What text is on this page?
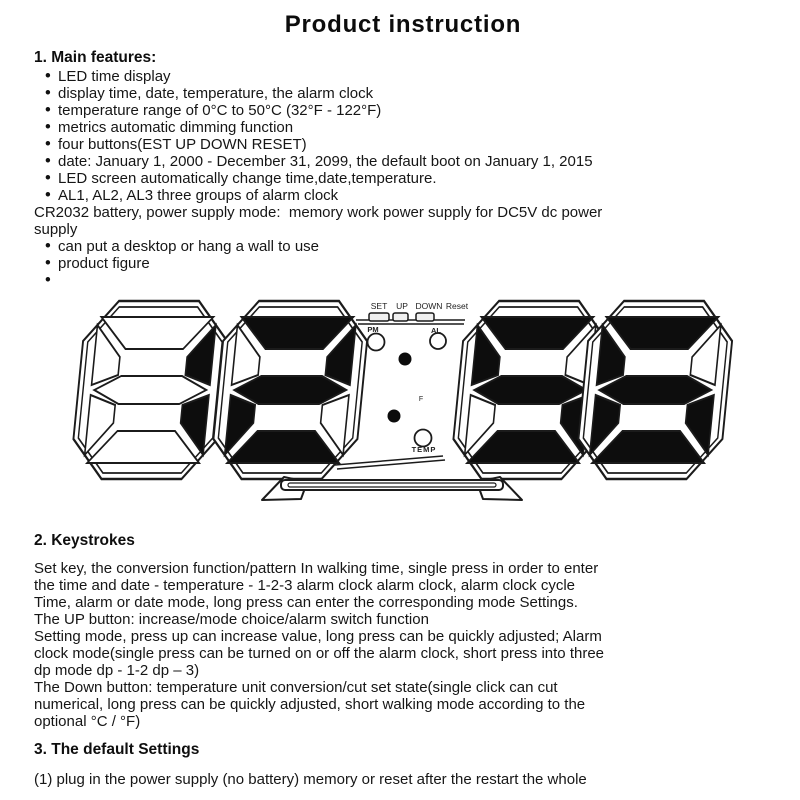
Product instruction
1. Main features:
•
LED time display
•
display time, date, temperature, the alarm clock
•
temperature range of 0°C to 50°C (32°F - 122°F)
•
metrics automatic dimming function
•
four buttons(EST UP DOWN RESET)
•
date: January 1, 2000 - December 31, 2099, the default boot on January 1, 2015
•
LED screen automatically change time,date,temperature.
•
AL1, AL2, AL3 three groups of alarm clock
CR2032 battery, power supply mode:  memory work power supply for DC5V dc power
supply
•
can put a desktop or hang a wall to use
•
product figure
•
SET UP DOWN Reset
PM	AL
F
TEMP
2. Keystrokes
Set key, the conversion function/pattern In walking time, single press in order to enter
the time and date - temperature - 1-2-3 alarm clock alarm clock, alarm clock cycle
Time, alarm or date mode, long press can enter the corresponding mode Settings.
The UP button: increase/mode choice/alarm switch function
Setting mode, press up can increase value, long press can be quickly adjusted; Alarm
clock mode(single press can be turned on or off the alarm clock, short press into three
dp mode dp - 1-2 dp – 3)
The Down button: temperature unit conversion/cut set state(single click can cut
numerical, long press can be quickly adjusted, short walking mode according to the
optional °C / °F)
3. The default Settings
(1) plug in the power supply (no battery) memory or reset after the restart the whole
